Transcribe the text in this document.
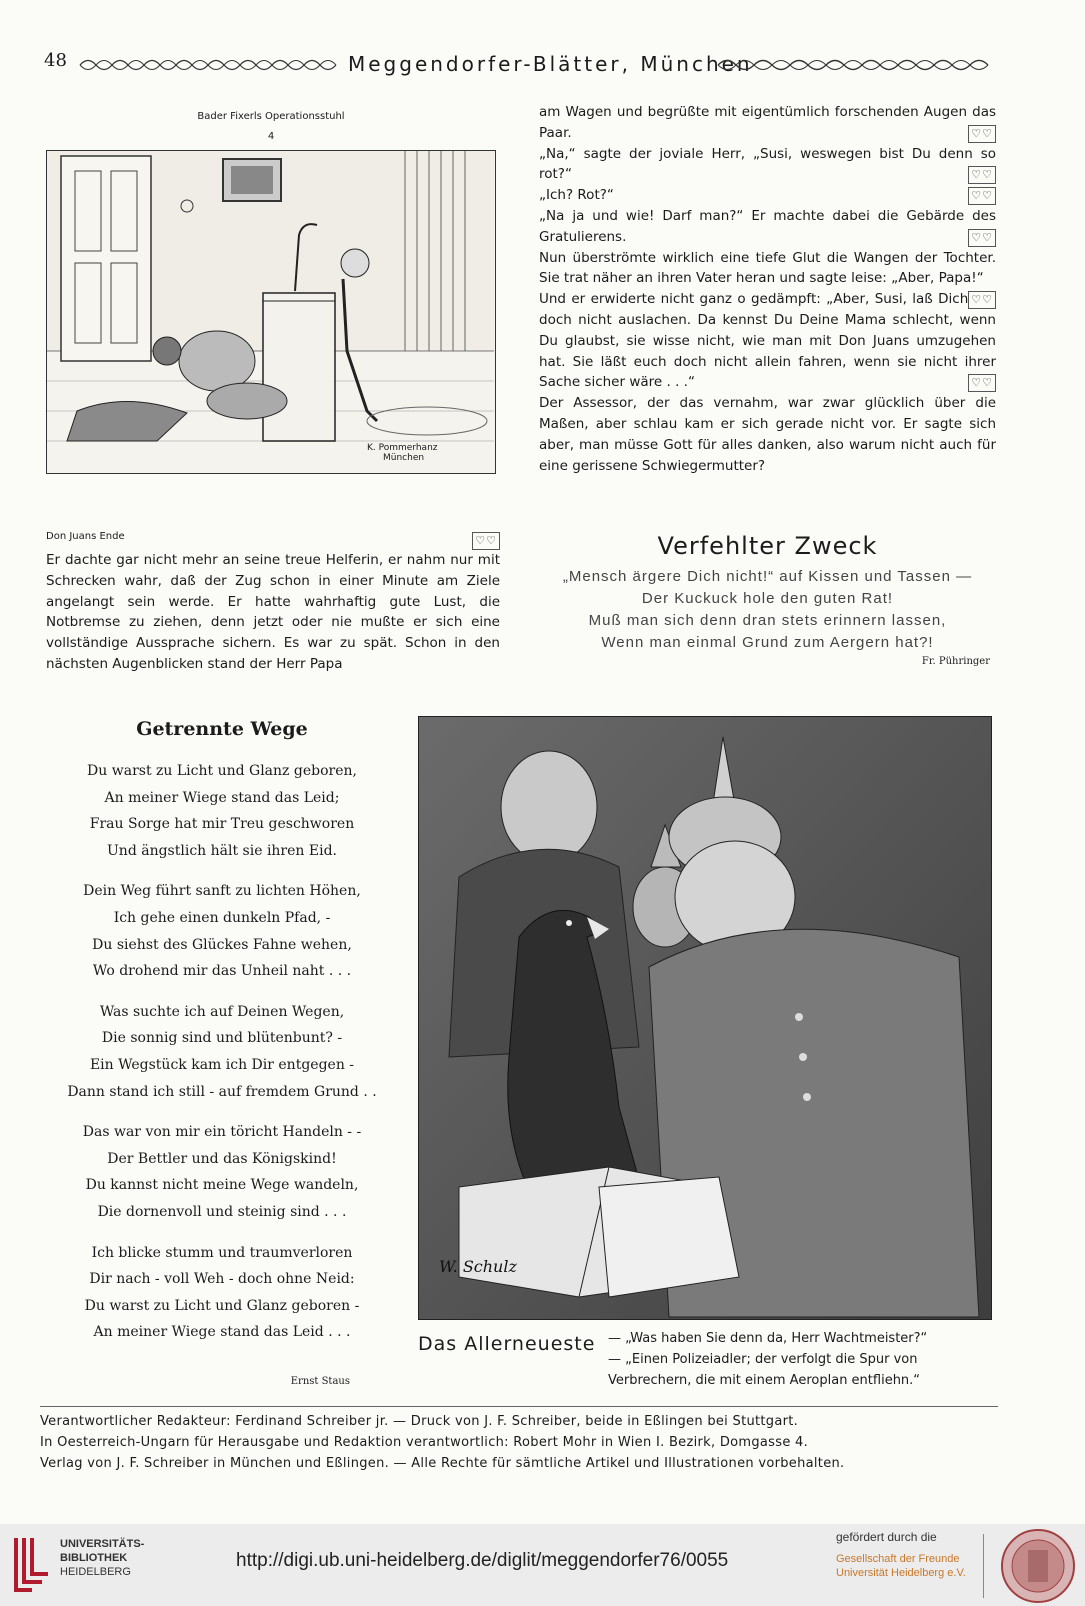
48	Meggendorfer-Blätter, München
Bader Fixerls Operationsstuhl
4
K. Pommerhanz
München

am Wagen und begrüßte mit eigentümlich forschenden Augen das Paar.	♡♡

„Na,“ sagte der joviale Herr, „Susi, weswegen bist Du denn so rot?“	♡♡

„Ich? Rot?“	♡♡

„Na ja und wie! Darf man?“ Er machte dabei die Gebärde des Gratulierens.	♡♡

Nun überströmte wirklich eine tiefe Glut die Wangen der Tochter. Sie trat näher an ihren Vater heran und sagte leise: „Aber, Papa!“
♡♡

Und er erwiderte nicht ganz o gedämpft: „Aber, Susi, laß Dich doch nicht auslachen. Da kennst Du Deine Mama schlecht, wenn Du glaubst, sie wisse nicht, wie man mit Don Juans umzugehen hat. Sie läßt euch doch nicht allein fahren, wenn sie nicht ihrer Sache sicher wäre . . .“	♡♡

Der Assessor, der das vernahm, war zwar glücklich über die Maßen, aber schlau kam er sich gerade nicht vor. Er sagte sich aber, man müsse Gott für alles danken, also warum nicht auch für eine gerissene Schwiegermutter?

Don Juans Ende	♡♡

Er dachte gar nicht mehr an seine treue Helferin, er nahm nur mit Schrecken wahr, daß der Zug schon in einer Minute am Ziele angelangt sein werde. Er hatte wahrhaftig gute Lust, die Notbremse zu ziehen, denn jetzt oder nie mußte er sich eine vollständige Aussprache sichern. Es war zu spät. Schon in den nächsten Augenblicken stand der Herr Papa

Verfehlter Zweck
„Mensch ärgere Dich nicht!“ auf Kissen und Tassen —
Der Kuckuck hole den guten Rat!
Muß man sich denn dran stets erinnern lassen,
Wenn man einmal Grund zum Aergern hat?!
Fr. Pühringer
Getrennte Wege
Du warst zu Licht und Glanz geboren,
An meiner Wiege stand das Leid;
Frau Sorge hat mir Treu geschworen
Und ängstlich hält sie ihren Eid.
Dein Weg führt sanft zu lichten Höhen,
Ich gehe einen dunkeln Pfad, -
Du siehst des Glückes Fahne wehen,
Wo drohend mir das Unheil naht . . .
Was suchte ich auf Deinen Wegen,
Die sonnig sind und blütenbunt? -
Ein Wegstück kam ich Dir entgegen -
Dann stand ich still - auf fremdem Grund . .
Das war von mir ein töricht Handeln - -
Der Bettler und das Königskind!
Du kannst nicht meine Wege wandeln,
Die dornenvoll und steinig sind . . .
Ich blicke stumm und traumverloren
Dir nach - voll Weh - doch ohne Neid:
Du warst zu Licht und Glanz geboren -
An meiner Wiege stand das Leid . . .
Ernst Staus
W. Schulz
Das Allerneueste — „Was haben Sie denn da, Herr Wachtmeister?“
— „Einen Polizeiadler; der verfolgt die Spur von
Verbrechern, die mit einem Aeroplan entfliehn.“
Verantwortlicher Redakteur: Ferdinand Schreiber jr. — Druck von J. F. Schreiber, beide in Eßlingen bei Stuttgart.
In Oesterreich-Ungarn für Herausgabe und Redaktion verantwortlich: Robert Mohr in Wien I. Bezirk, Domgasse 4.
Verlag von J. F. Schreiber in München und Eßlingen. — Alle Rechte für sämtliche Artikel und Illustrationen vorbehalten.
UNIVERSITÄTS-
BIBLIOTHEK
HEIDELBERG
http://digi.ub.uni-heidelberg.de/diglit/meggendorfer76/0055
gefördert durch die
Gesellschaft der Freunde
Universität Heidelberg e.V.
